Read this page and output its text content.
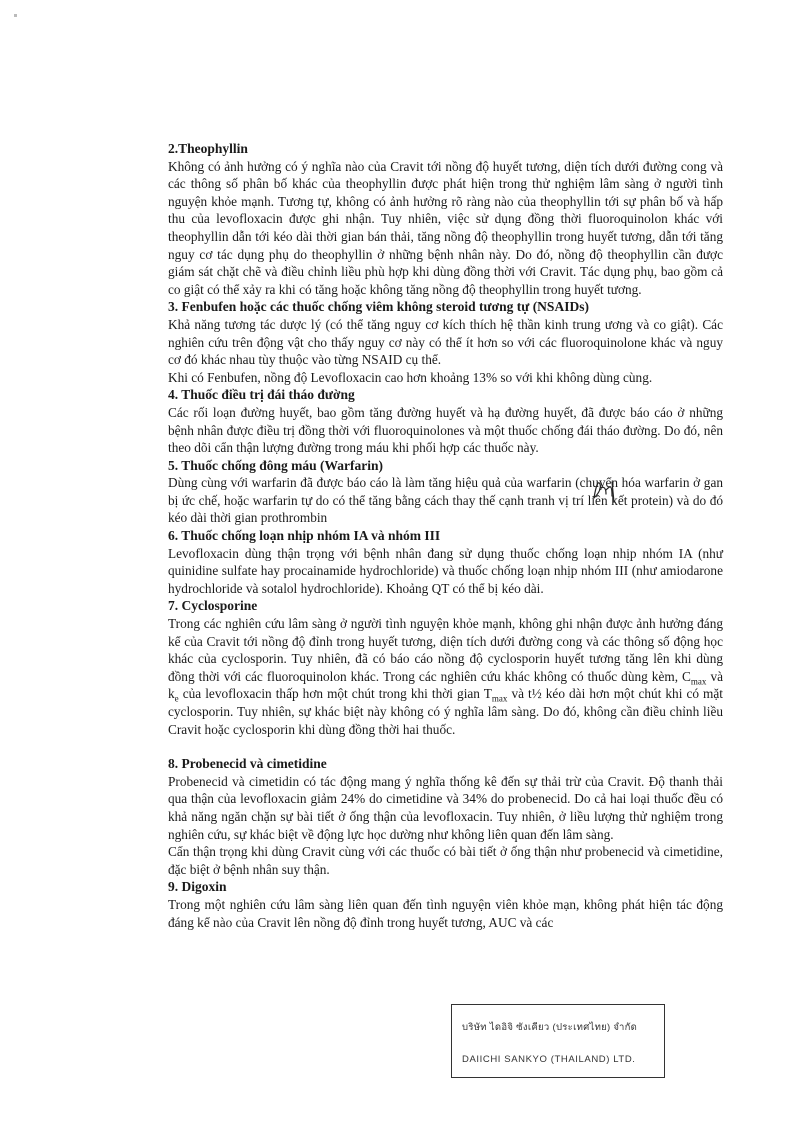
2.Theophyllin

Không có ảnh hưởng có ý nghĩa nào của Cravit tới nồng độ huyết tương, diện tích dưới đường cong và các thông số phân bố khác của theophyllin được phát hiện trong thử nghiệm lâm sàng ở người tình nguyện khỏe mạnh. Tương tự, không có ảnh hưởng rõ ràng nào của theophyllin tới sự phân bố và hấp thu của levofloxacin được ghi nhận. Tuy nhiên, việc sử dụng đồng thời fluoroquinolon khác với theophyllin dẫn tới kéo dài thời gian bán thải, tăng nồng độ theophyllin trong huyết tương, dẫn tới tăng nguy cơ tác dụng phụ do theophyllin ở những bệnh nhân này. Do đó, nồng độ theophyllin cần được giám sát chặt chẽ và điều chỉnh liều phù hợp khi dùng đồng thời với Cravit. Tác dụng phụ, bao gồm cả co giật có thể xảy ra khi có tăng hoặc không tăng nồng độ theophyllin trong huyết tương.

3. Fenbufen hoặc các thuốc chống viêm không steroid tương tự (NSAIDs)

Khả năng tương tác dược lý (có thể tăng nguy cơ kích thích hệ thần kinh trung ương và co giật). Các nghiên cứu trên động vật cho thấy nguy cơ này có thể ít hơn so với các fluoroquinolone khác và nguy cơ đó khác nhau tùy thuộc vào từng NSAID cụ thể.

Khi có Fenbufen, nồng độ Levofloxacin cao hơn khoảng 13% so với khi không dùng cùng.

4. Thuốc điều trị đái tháo đường

Các rối loạn đường huyết, bao gồm tăng đường huyết và hạ đường huyết, đã được báo cáo ở những bệnh nhân được điều trị đồng thời với fluoroquinolones và một thuốc chống đái tháo đường. Do đó, nên theo dõi cẩn thận lượng đường trong máu khi phối hợp các thuốc này.

5. Thuốc chống đông máu (Warfarin)

Dùng cùng với warfarin đã được báo cáo là làm tăng hiệu quả của warfarin (chuyển hóa warfarin ở gan bị ức chế, hoặc warfarin tự do có thể tăng bằng cách thay thế cạnh tranh vị trí liên kết protein) và do đó kéo dài thời gian prothrombin

6. Thuốc chống loạn nhịp nhóm IA và nhóm III

Levofloxacin dùng thận trọng với bệnh nhân đang sử dụng thuốc chống loạn nhịp nhóm IA (như quinidine sulfate hay procainamide hydrochloride) và thuốc chống loạn nhịp nhóm III (như amiodarone hydrochloride và sotalol hydrochloride). Khoảng QT có thể bị kéo dài.

7. Cyclosporine

Trong các nghiên cứu lâm sàng ở người tình nguyện khỏe mạnh, không ghi nhận được ảnh hưởng đáng kể của Cravit tới nồng độ đỉnh trong huyết tương, diện tích dưới đường cong và các thông số động học khác của cyclosporin. Tuy nhiên, đã có báo cáo nồng độ cyclosporin huyết tương tăng lên khi dùng đồng thời với các fluoroquinolon khác. Trong các nghiên cứu khác không có thuốc dùng kèm, $C_{max}$ và $k_e$ của levofloxacin thấp hơn một chút trong khi thời gian $T_{max}$ và t½ kéo dài hơn một chút khi có mặt cyclosporin. Tuy nhiên, sự khác biệt này không có ý nghĩa lâm sàng. Do đó, không cần điều chỉnh liều Cravit hoặc cyclosporin khi dùng đồng thời hai thuốc.

8. Probenecid và cimetidine

Probenecid và cimetidin có tác động mang ý nghĩa thống kê đến sự thải trừ của Cravit. Độ thanh thải qua thận của levofloxacin giảm 24% do cimetidine và 34% do probenecid. Do cả hai loại thuốc đều có khả năng ngăn chặn sự bài tiết ở ống thận của levofloxacin. Tuy nhiên, ở liều lượng thử nghiệm trong nghiên cứu, sự khác biệt về động lực học dường như không liên quan đến lâm sàng.

Cẩn thận trọng khi dùng Cravit cùng với các thuốc có bài tiết ở ống thận như probenecid và cimetidine, đặc biệt ở bệnh nhân suy thận.

9. Digoxin

Trong một nghiên cứu lâm sàng liên quan đến tình nguyện viên khỏe mạn, không phát hiện tác động đáng kể nào của Cravit lên nồng độ đỉnh trong huyết tương, AUC và các

บริษัท ไดอิจิ ซังเคียว (ประเทศไทย) จำกัด
DAIICHI SANKYO (THAILAND) LTD.
